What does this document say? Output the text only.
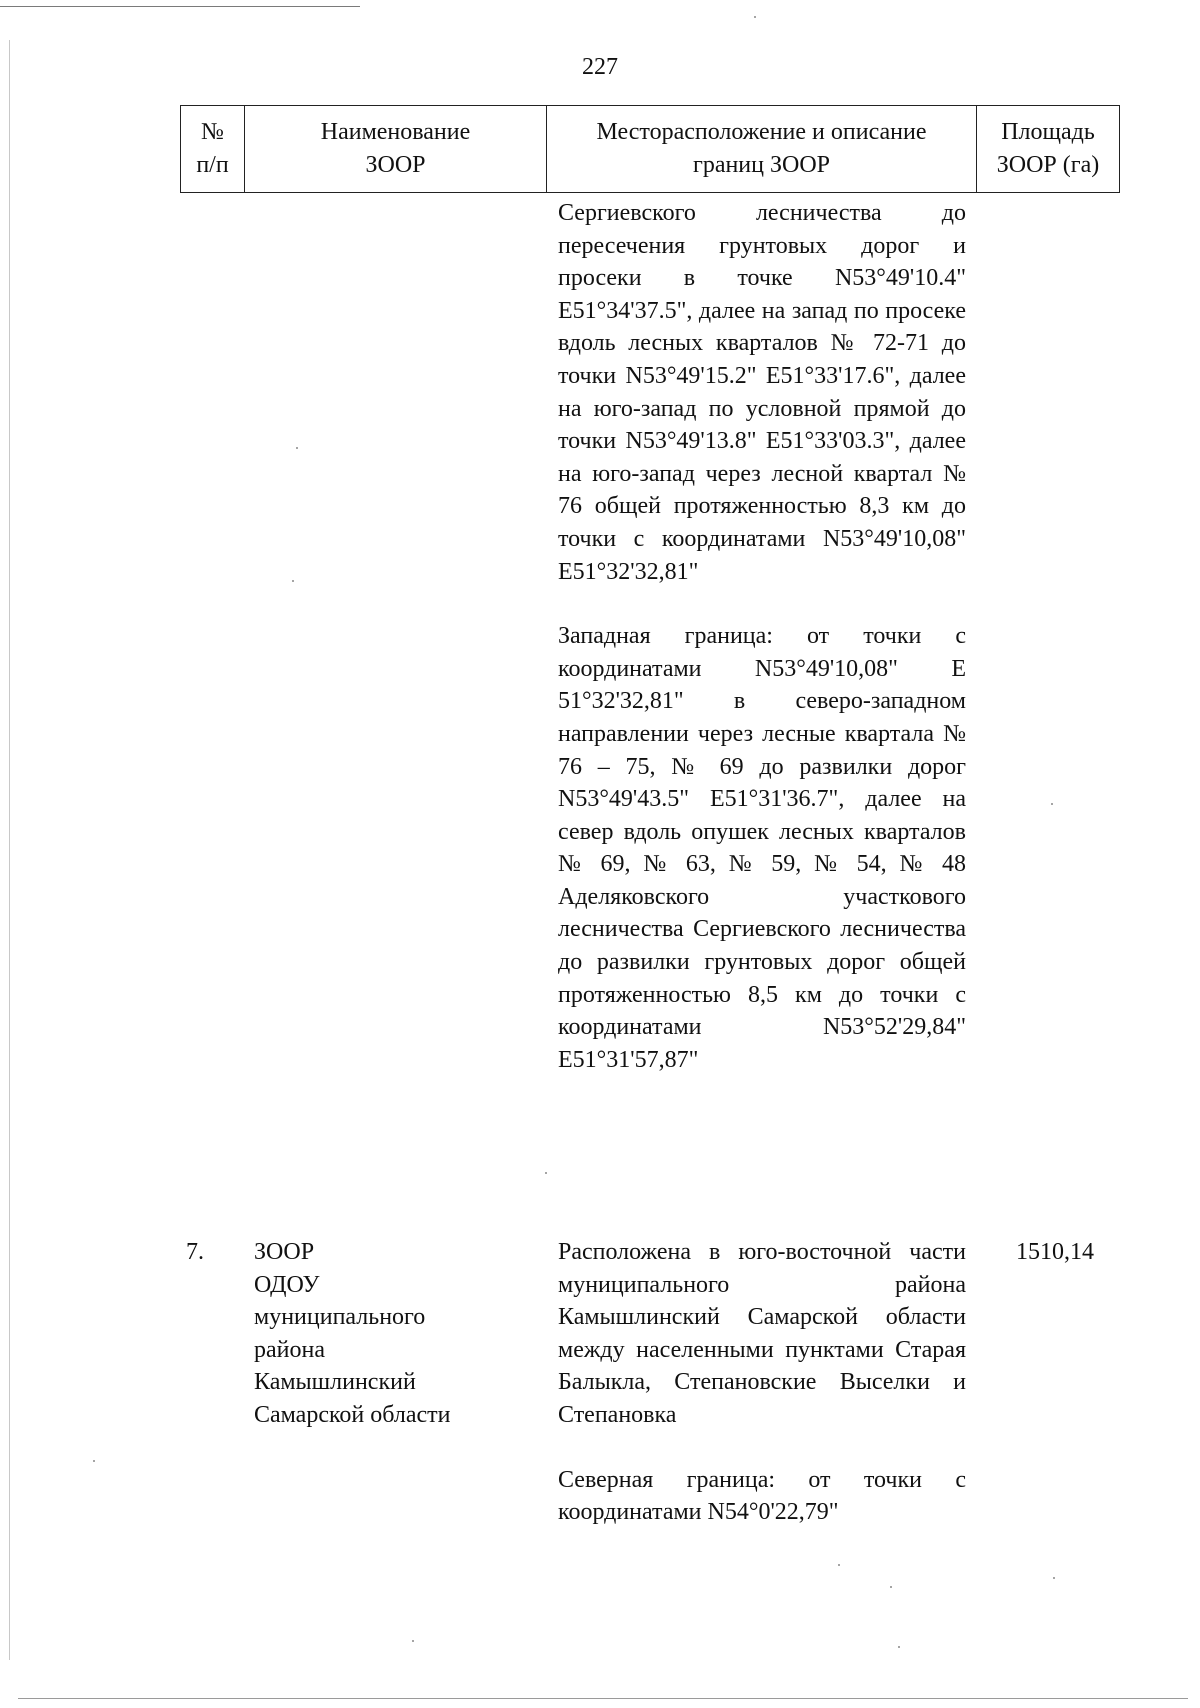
227
№
п/п
Наименование
ЗООР
Месторасположение и описание
границ ЗООР
Площадь
ЗООР (га)

Сергиевского лесничества до пересечения грунтовых дорог и просеки в точке N53°49'10.4" E51°34'37.5", далее на запад по просеке вдоль лесных кварталов № 72-71 до точки N53°49'15.2" E51°33'17.6", далее на юго-запад по условной прямой до точки N53°49'13.8" E51°33'03.3", далее на юго-запад через лесной квартал № 76 общей протяженностью 8,3 км до точки с координатами N53°49'10,08" E51°32'32,81"

Западная граница: от точки с координатами N53°49'10,08" E 51°32'32,81" в северо-западном направлении через лесные квартала № 76 – 75, № 69 до развилки дорог N53°49'43.5" E51°31'36.7", далее на север вдоль опушек лесных кварталов № 69, № 63, № 59, № 54, № 48 Аделяковского участкового лесничества Сергиевского лесничества до развилки грунтовых дорог общей протяженностью 8,5 км до точки с координатами N53°52'29,84" E51°31'57,87"

7.	ЗООР
ОДОУ
муниципального
района
Камышлинский
Самарской области

Расположена в юго-восточной части муниципального района Камышлинский Самарской области между населенными пунктами Старая Балыкла, Степановские Выселки и Степановка

Северная граница: от точки с координатами N54°0'22,79"

1510,14
